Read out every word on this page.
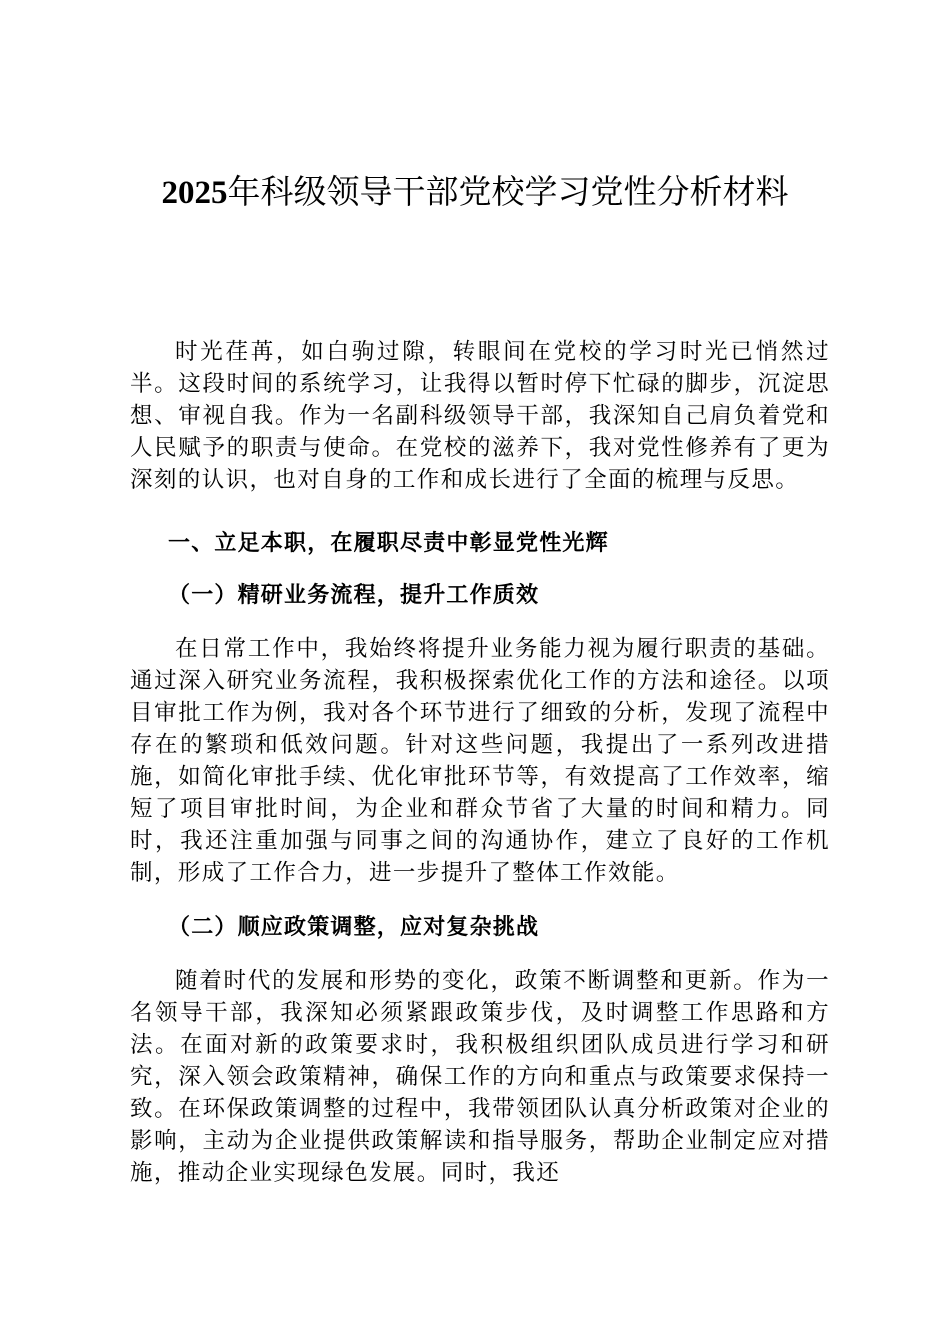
2025年科级领导干部党校学习党性分析材料

时光荏苒，如白驹过隙，转眼间在党校的学习时光已悄然过半。这段时间的系统学习，让我得以暂时停下忙碌的脚步，沉淀思想、审视自我。作为一名副科级领导干部，我深知自己肩负着党和人民赋予的职责与使命。在党校的滋养下，我对党性修养有了更为深刻的认识，也对自身的工作和成长进行了全面的梳理与反思。

一、立足本职，在履职尽责中彰显党性光辉

（一）精研业务流程，提升工作质效

在日常工作中，我始终将提升业务能力视为履行职责的基础。通过深入研究业务流程，我积极探索优化工作的方法和途径。以项目审批工作为例，我对各个环节进行了细致的分析，发现了流程中存在的繁琐和低效问题。针对这些问题，我提出了一系列改进措施，如简化审批手续、优化审批环节等，有效提高了工作效率，缩短了项目审批时间，为企业和群众节省了大量的时间和精力。同时，我还注重加强与同事之间的沟通协作，建立了良好的工作机制，形成了工作合力，进一步提升了整体工作效能。

（二）顺应政策调整，应对复杂挑战

随着时代的发展和形势的变化，政策不断调整和更新。作为一名领导干部，我深知必须紧跟政策步伐，及时调整工作思路和方法。在面对新的政策要求时，我积极组织团队成员进行学习和研究，深入领会政策精神，确保工作的方向和重点与政策要求保持一致。在环保政策调整的过程中，我带领团队认真分析政策对企业的影响，主动为企业提供政策解读和指导服务，帮助企业制定应对措施，推动企业实现绿色发展。同时，我还
